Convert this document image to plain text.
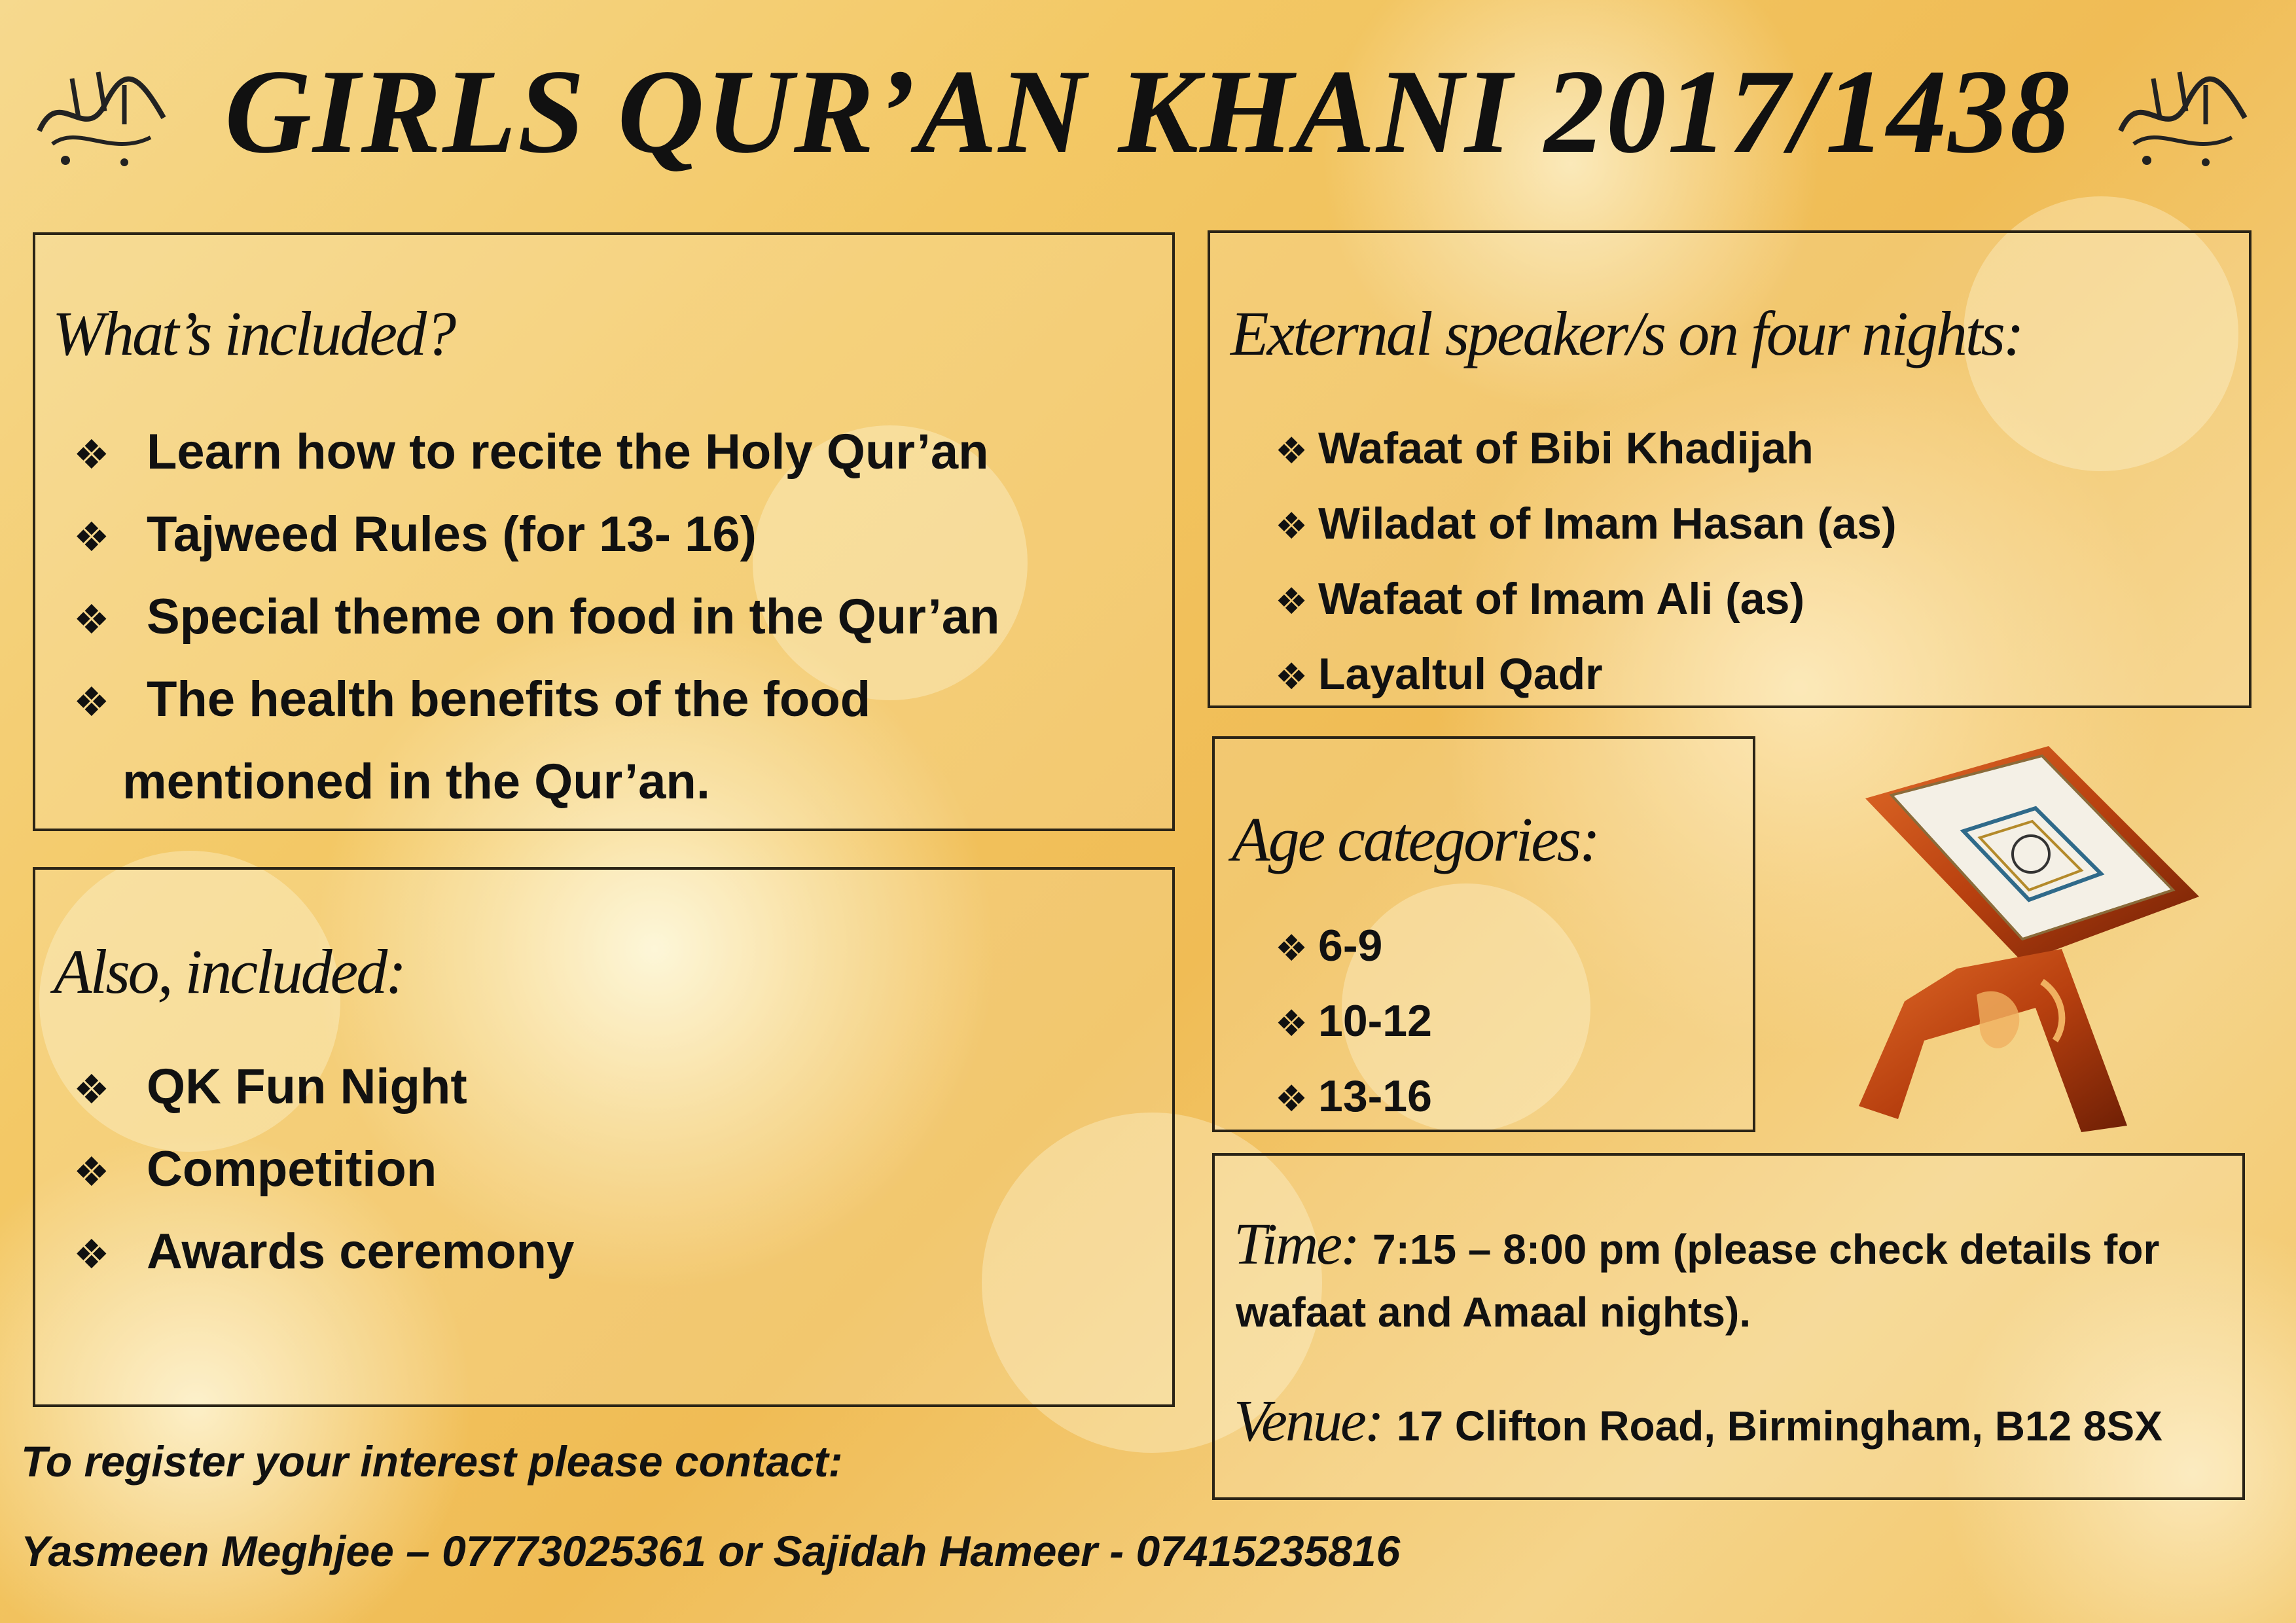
GIRLS QUR’AN KHANI 2017/1438
What’s included?
❖ Learn how to recite the Holy Qur’an
❖ Tajweed Rules (for 13- 16)
❖ Special theme on food in the Qur’an
❖ The health benefits of the food
mentioned in the Qur’an.
Also, included:
❖ QK Fun Night
❖ Competition
❖ Awards ceremony
External speaker/s on four nights:
❖ Wafaat of Bibi Khadijah
❖ Wiladat of Imam Hasan (as)
❖ Wafaat of Imam Ali (as)
❖ Layaltul Qadr
Age categories:
❖ 6-9
❖ 10-12
❖ 13-16
Time: 7:15 – 8:00 pm (please check details for
wafaat and Amaal nights).
Venue: 17 Clifton Road, Birmingham, B12 8SX
To register your interest please contact:
Yasmeen Meghjee – 07773025361 or Sajidah Hameer - 07415235816
